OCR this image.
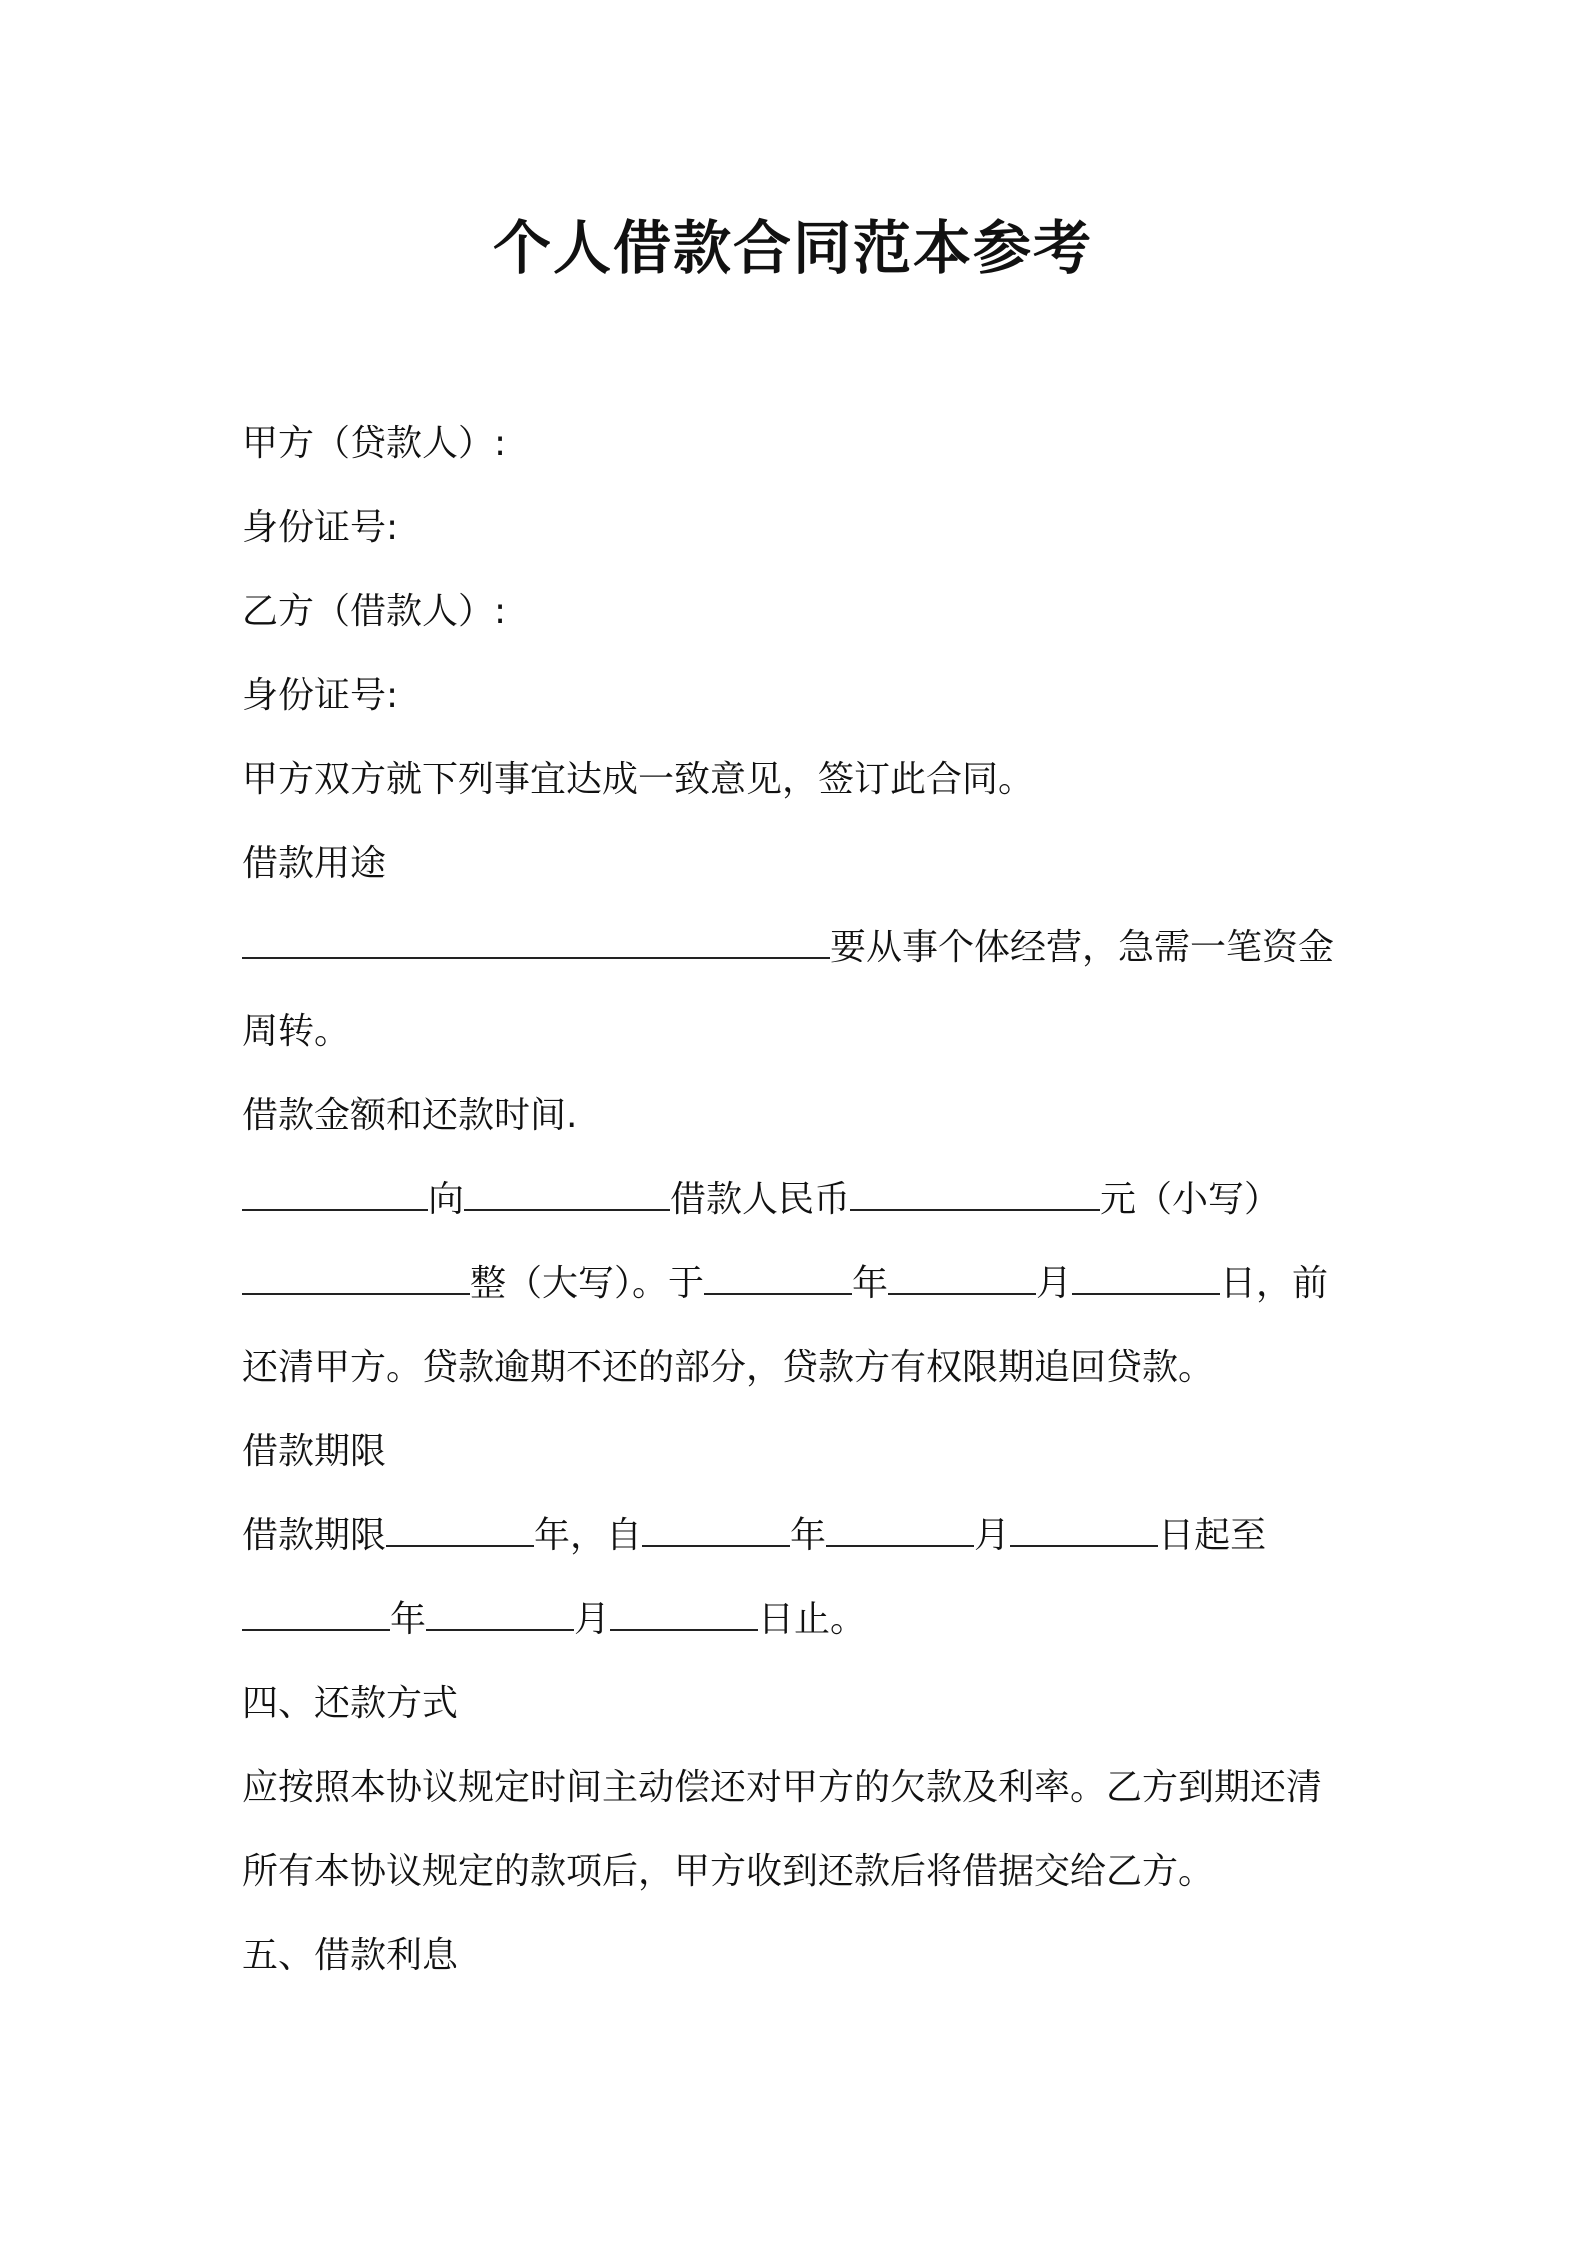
个人借款合同范本参考
甲方（贷款人）:
身份证号:
乙方（借款人）:
身份证号:
甲方双方就下列事宜达成一致意见，签订此合同。
借款用途
要从事个体经营，急需一笔资金
周转。
借款金额和还款时间.
向	借款人民币	元（小写）
整（大写）。于	年	月	日，前
还清甲方。贷款逾期不还的部分，贷款方有权限期追回贷款。
借款期限
借款期限	年，自	年	月	日起至
年	月	日止。
四、还款方式
应按照本协议规定时间主动偿还对甲方的欠款及利率。乙方到期还清
所有本协议规定的款项后，甲方收到还款后将借据交给乙方。
五、借款利息
